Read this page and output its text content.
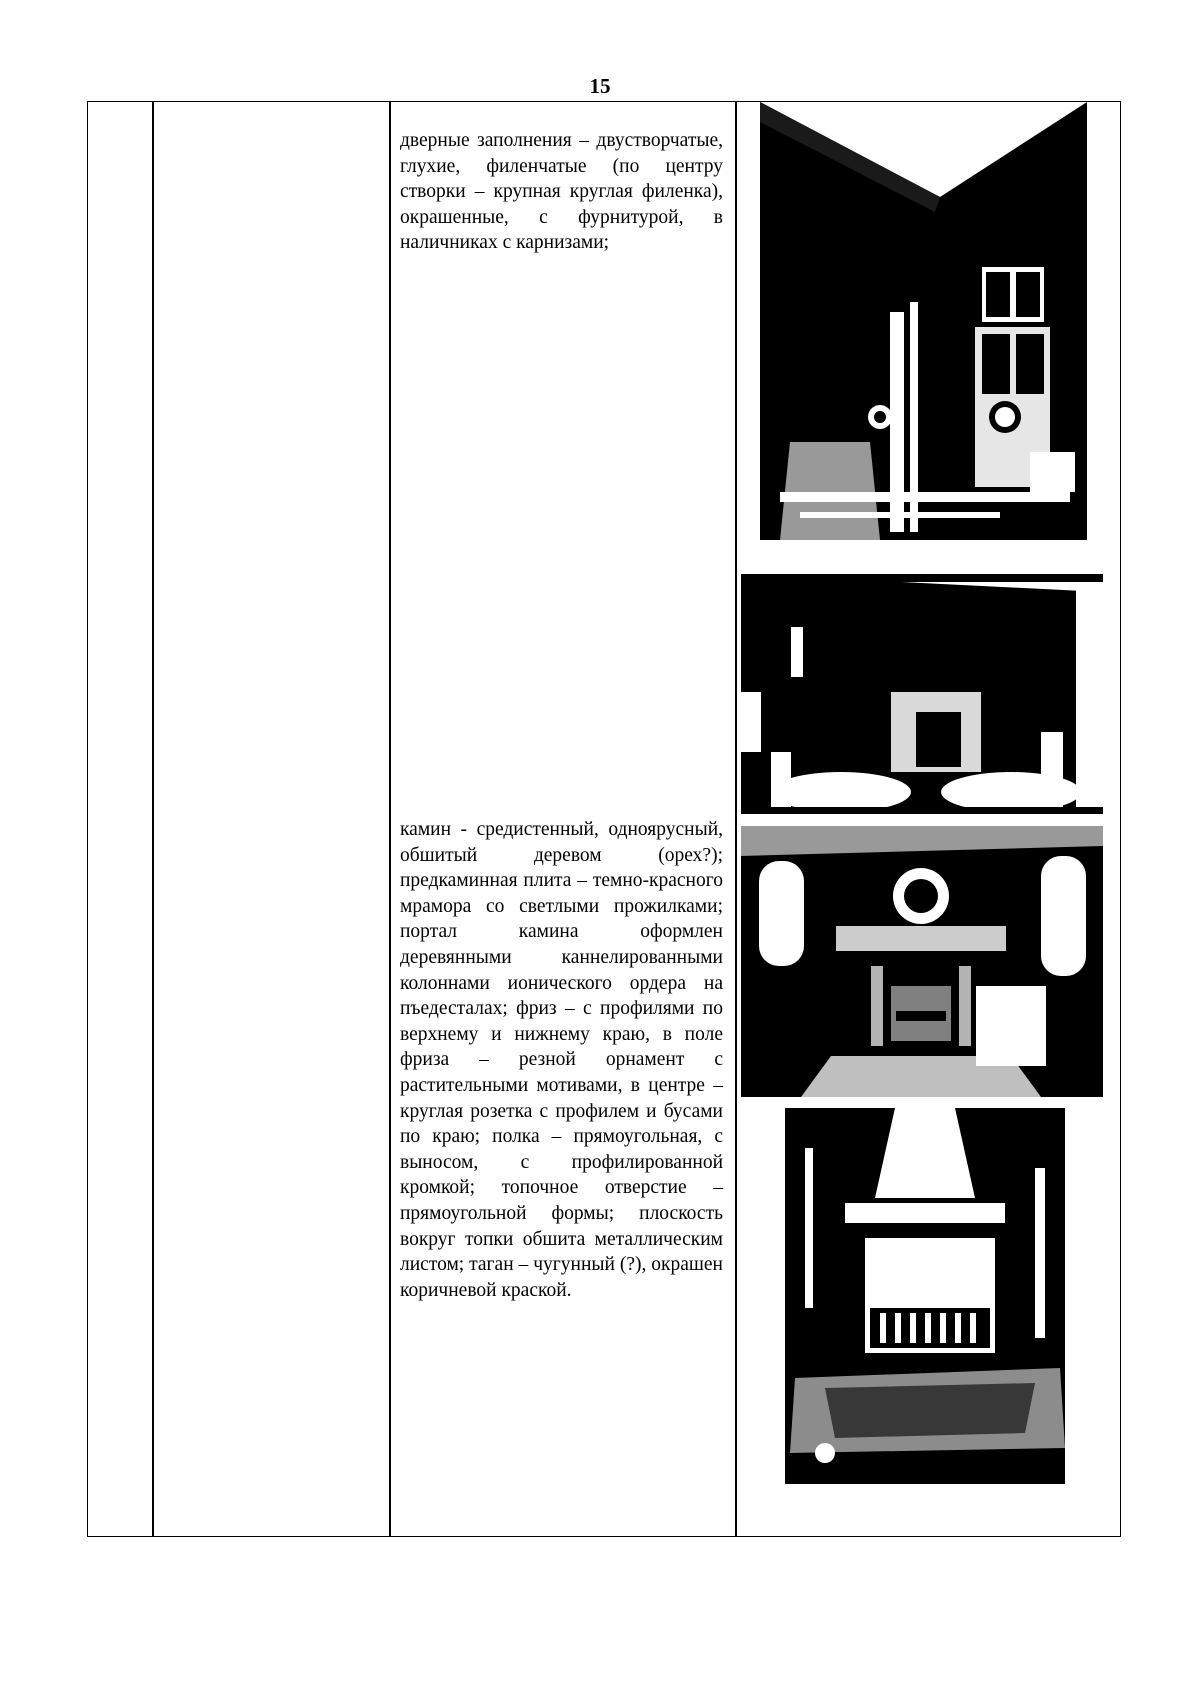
15

дверные заполнения – двустворчатые, глухие, филенчатые (по центру створки – крупная круглая филенка), окрашенные, с фурнитурой, в наличниках с карнизами;

камин - средистенный, одноярусный, обшитый деревом (орех?); предкаминная плита – темно-красного мрамора со светлыми прожилками; портал камина оформлен деревянными каннелированными колоннами ионического ордера на пъедесталах; фриз – с профилями по верхнему и нижнему краю, в поле фриза – резной орнамент с растительными мотивами, в центре – круглая розетка с профилем и бусами по краю; полка – прямоугольная, с выносом, с профилированной кромкой; топочное отверстие – прямоугольной формы; плоскость вокруг топки обшита металлическим листом; таган – чугунный (?), окрашен коричневой краской.
